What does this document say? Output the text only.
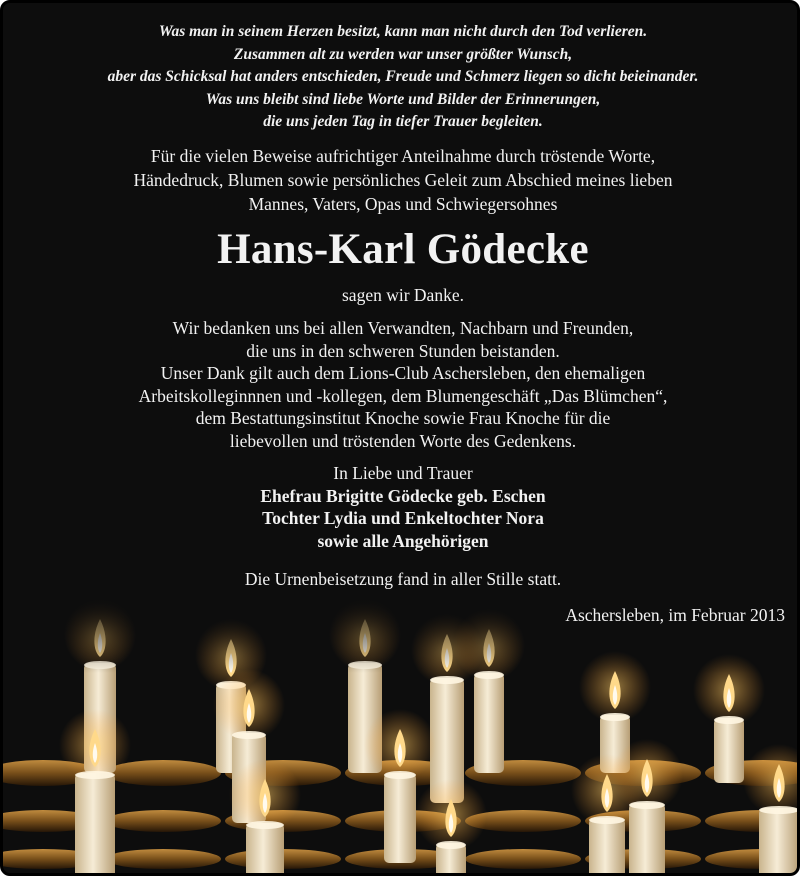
Was man in seinem Herzen besitzt, kann man nicht durch den Tod verlieren.
Zusammen alt zu werden war unser größter Wunsch,
aber das Schicksal hat anders entschieden, Freude und Schmerz liegen so dicht beieinander.
Was uns bleibt sind liebe Worte und Bilder der Erinnerungen,
die uns jeden Tag in tiefer Trauer begleiten.
Für die vielen Beweise aufrichtiger Anteilnahme durch tröstende Worte,
Händedruck, Blumen sowie persönliches Geleit zum Abschied meines lieben
Mannes, Vaters, Opas und Schwiegersohnes
Hans-Karl Gödecke
sagen wir Danke.
Wir bedanken uns bei allen Verwandten, Nachbarn und Freunden,
die uns in den schweren Stunden beistanden.
Unser Dank gilt auch dem Lions-Club Aschersleben, den ehemaligen
Arbeitskolleginnnen und -kollegen, dem Blumengeschäft „Das Blümchen“,
dem Bestattungsinstitut Knoche sowie Frau Knoche für die
liebevollen und tröstenden Worte des Gedenkens.
In Liebe und Trauer
Ehefrau Brigitte Gödecke geb. Eschen
Tochter Lydia und Enkeltochter Nora
sowie alle Angehörigen
Die Urnenbeisetzung fand in aller Stille statt.
Aschersleben, im Februar 2013
